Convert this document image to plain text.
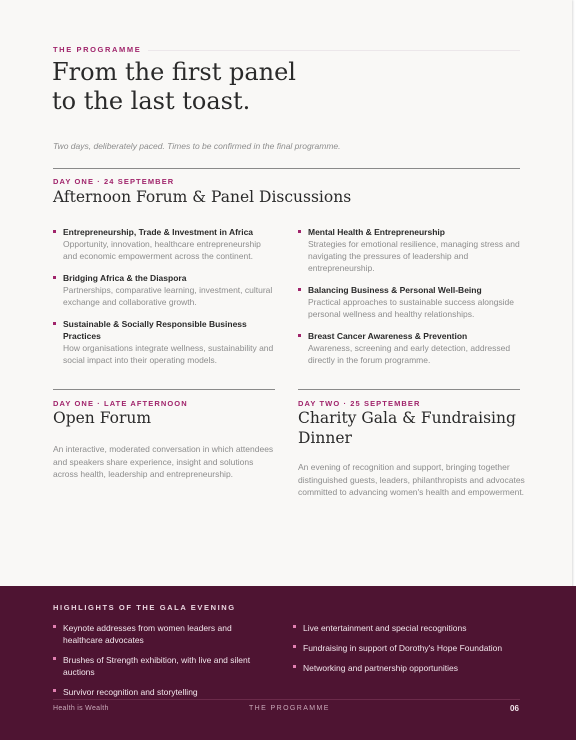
THE PROGRAMME
From the first panel
to the last toast.
Two days, deliberately paced. Times to be confirmed in the final programme.
DAY ONE · 24 SEPTEMBER
Afternoon Forum & Panel Discussions
Entrepreneurship, Trade & Investment in Africa
Opportunity, innovation, healthcare entrepreneurship and economic empowerment across the continent.
Bridging Africa & the Diaspora
Partnerships, comparative learning, investment, cultural exchange and collaborative growth.
Sustainable & Socially Responsible Business Practices
How organisations integrate wellness, sustainability and social impact into their operating models.
Mental Health & Entrepreneurship
Strategies for emotional resilience, managing stress and navigating the pressures of leadership and entrepreneurship.
Balancing Business & Personal Well-Being
Practical approaches to sustainable success alongside personal wellness and healthy relationships.
Breast Cancer Awareness & Prevention
Awareness, screening and early detection, addressed directly in the forum programme.
DAY ONE · LATE AFTERNOON
Open Forum

An interactive, moderated conversation in which attendees and speakers share experience, insight and solutions across health, leadership and entrepreneurship.

DAY TWO · 25 SEPTEMBER
Charity Gala & Fundraising Dinner

An evening of recognition and support, bringing together distinguished guests, leaders, philanthropists and advocates committed to advancing women's health and empowerment.

HIGHLIGHTS OF THE GALA EVENING
Keynote addresses from women leaders and healthcare advocates
Brushes of Strength exhibition, with live and silent auctions
Survivor recognition and storytelling
Live entertainment and special recognitions
Fundraising in support of Dorothy's Hope Foundation
Networking and partnership opportunities
Health is Wealth	THE PROGRAMME	06
